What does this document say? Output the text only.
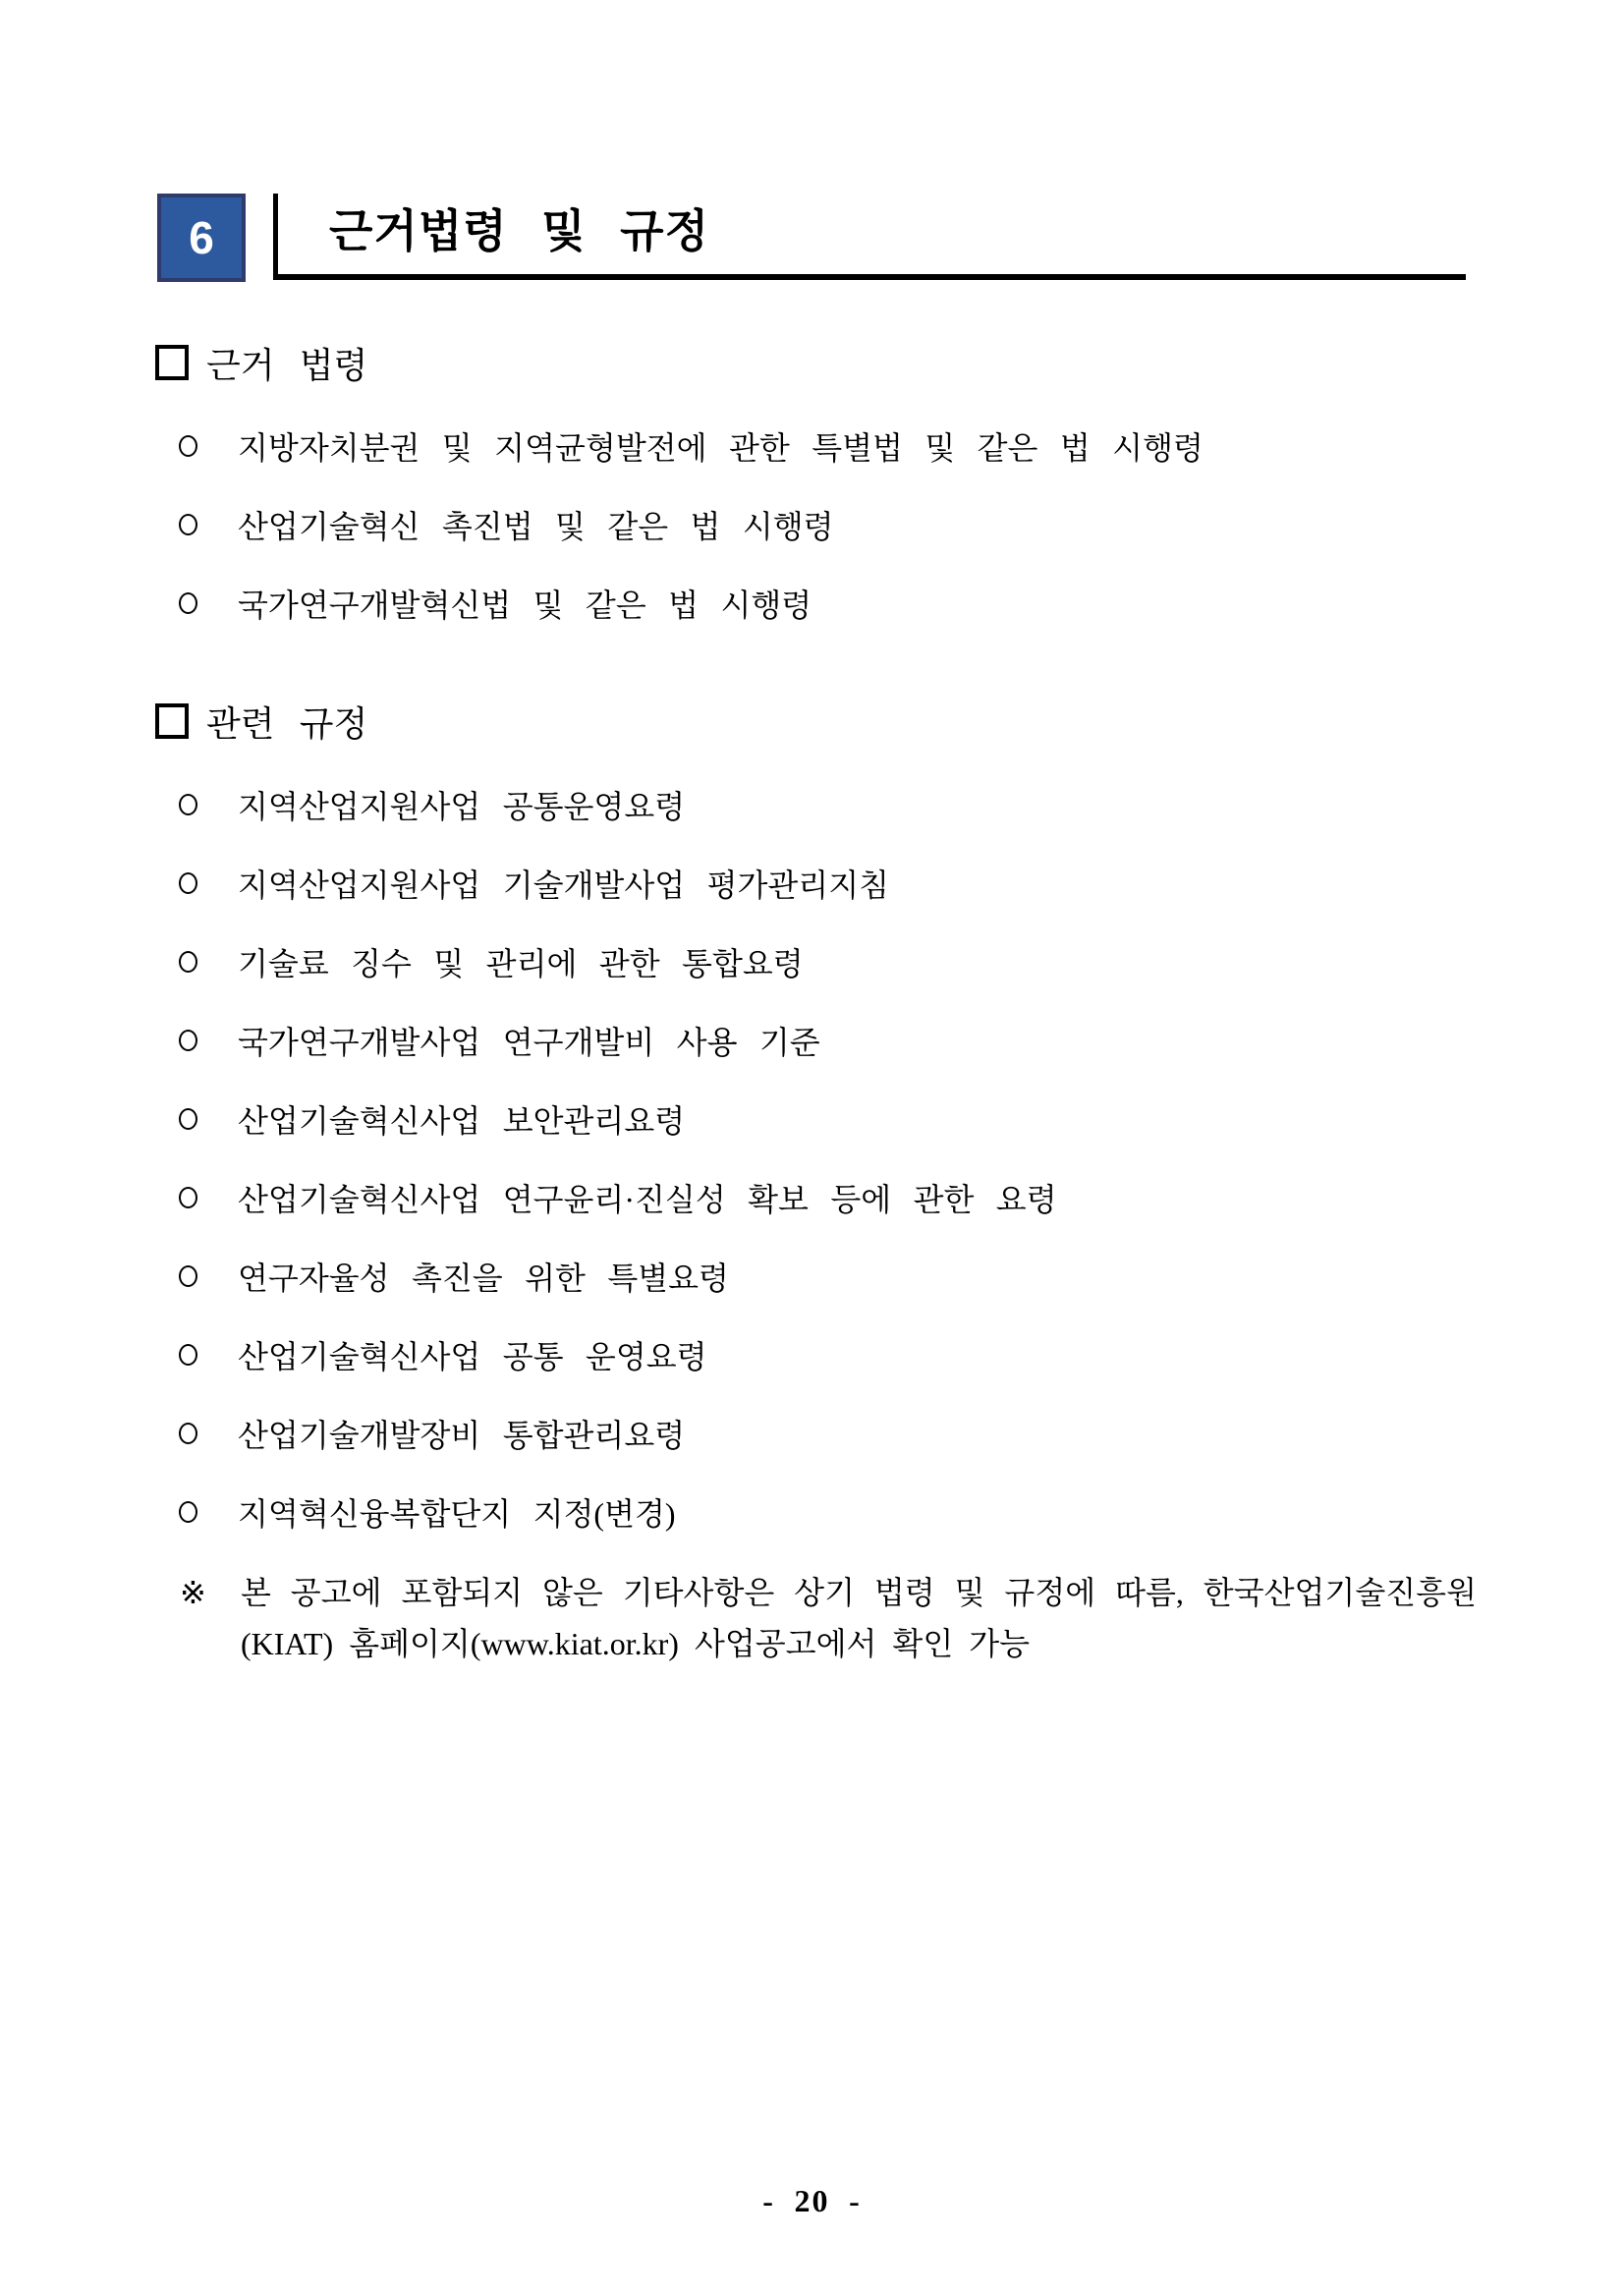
6	근거법령 및 규정
근거 법령
지방자치분권 및 지역균형발전에 관한 특별법 및 같은 법 시행령
산업기술혁신 촉진법 및 같은 법 시행령
국가연구개발혁신법 및 같은 법 시행령
관련 규정
지역산업지원사업 공통운영요령
지역산업지원사업 기술개발사업 평가관리지침
기술료 징수 및 관리에 관한 통합요령
국가연구개발사업 연구개발비 사용 기준
산업기술혁신사업 보안관리요령
산업기술혁신사업 연구윤리·진실성 확보 등에 관한 요령
연구자율성 촉진을 위한 특별요령
산업기술혁신사업 공통 운영요령
산업기술개발장비 통합관리요령
지역혁신융복합단지 지정(변경)
※	본 공고에 포함되지 않은 기타사항은 상기 법령 및 규정에 따름, 한국산업기술진흥원
(KIAT) 홈페이지(www.kiat.or.kr) 사업공고에서 확인 가능
- 20 -
